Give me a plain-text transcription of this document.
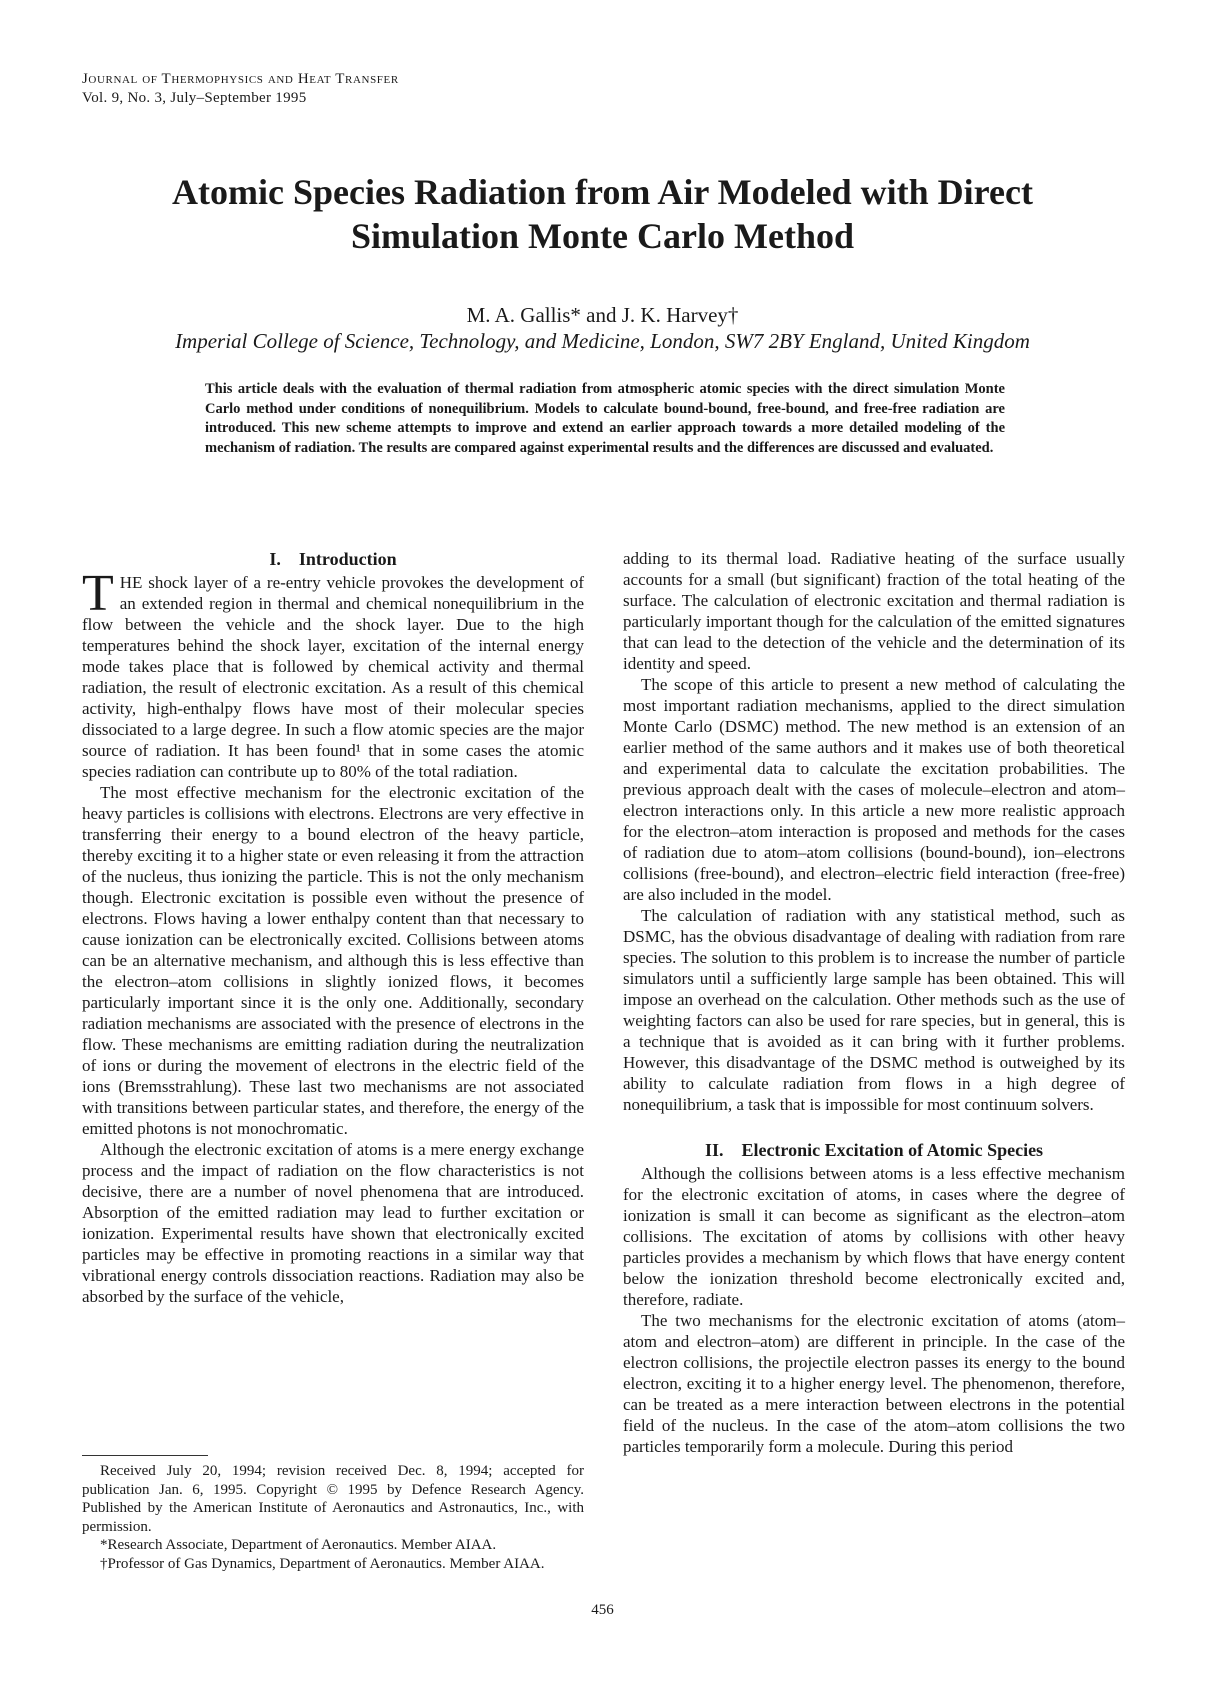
Journal of Thermophysics and Heat Transfer
Vol. 9, No. 3, July–September 1995
Atomic Species Radiation from Air Modeled with Direct Simulation Monte Carlo Method
M. A. Gallis* and J. K. Harvey†
Imperial College of Science, Technology, and Medicine, London, SW7 2BY England, United Kingdom
This article deals with the evaluation of thermal radiation from atmospheric atomic species with the direct simulation Monte Carlo method under conditions of nonequilibrium. Models to calculate bound-bound, free-bound, and free-free radiation are introduced. This new scheme attempts to improve and extend an earlier approach towards a more detailed modeling of the mechanism of radiation. The results are compared against experimental results and the differences are discussed and evaluated.
I. Introduction

THE shock layer of a re-entry vehicle provokes the development of an extended region in thermal and chemical nonequilibrium in the flow between the vehicle and the shock layer. Due to the high temperatures behind the shock layer, excitation of the internal energy mode takes place that is followed by chemical activity and thermal radiation, the result of electronic excitation. As a result of this chemical activity, high-enthalpy flows have most of their molecular species dissociated to a large degree. In such a flow atomic species are the major source of radiation. It has been found¹ that in some cases the atomic species radiation can contribute up to 80% of the total radiation.

The most effective mechanism for the electronic excitation of the heavy particles is collisions with electrons. Electrons are very effective in transferring their energy to a bound electron of the heavy particle, thereby exciting it to a higher state or even releasing it from the attraction of the nucleus, thus ionizing the particle. This is not the only mechanism though. Electronic excitation is possible even without the presence of electrons. Flows having a lower enthalpy content than that necessary to cause ionization can be electronically excited. Collisions between atoms can be an alternative mechanism, and although this is less effective than the electron–atom collisions in slightly ionized flows, it becomes particularly important since it is the only one. Additionally, secondary radiation mechanisms are associated with the presence of electrons in the flow. These mechanisms are emitting radiation during the neutralization of ions or during the movement of electrons in the electric field of the ions (Bremsstrahlung). These last two mechanisms are not associated with transitions between particular states, and therefore, the energy of the emitted photons is not monochromatic.

Although the electronic excitation of atoms is a mere energy exchange process and the impact of radiation on the flow characteristics is not decisive, there are a number of novel phenomena that are introduced. Absorption of the emitted radiation may lead to further excitation or ionization. Experimental results have shown that electronically excited particles may be effective in promoting reactions in a similar way that vibrational energy controls dissociation reactions. Radiation may also be absorbed by the surface of the vehicle,

adding to its thermal load. Radiative heating of the surface usually accounts for a small (but significant) fraction of the total heating of the surface. The calculation of electronic excitation and thermal radiation is particularly important though for the calculation of the emitted signatures that can lead to the detection of the vehicle and the determination of its identity and speed.

The scope of this article to present a new method of calculating the most important radiation mechanisms, applied to the direct simulation Monte Carlo (DSMC) method. The new method is an extension of an earlier method of the same authors and it makes use of both theoretical and experimental data to calculate the excitation probabilities. The previous approach dealt with the cases of molecule–electron and atom–electron interactions only. In this article a new more realistic approach for the electron–atom interaction is proposed and methods for the cases of radiation due to atom–atom collisions (bound-bound), ion–electrons collisions (free-bound), and electron–electric field interaction (free-free) are also included in the model.

The calculation of radiation with any statistical method, such as DSMC, has the obvious disadvantage of dealing with radiation from rare species. The solution to this problem is to increase the number of particle simulators until a sufficiently large sample has been obtained. This will impose an overhead on the calculation. Other methods such as the use of weighting factors can also be used for rare species, but in general, this is a technique that is avoided as it can bring with it further problems. However, this disadvantage of the DSMC method is outweighed by its ability to calculate radiation from flows in a high degree of nonequilibrium, a task that is impossible for most continuum solvers.

II. Electronic Excitation of Atomic Species

Although the collisions between atoms is a less effective mechanism for the electronic excitation of atoms, in cases where the degree of ionization is small it can become as significant as the electron–atom collisions. The excitation of atoms by collisions with other heavy particles provides a mechanism by which flows that have energy content below the ionization threshold become electronically excited and, therefore, radiate.

The two mechanisms for the electronic excitation of atoms (atom–atom and electron–atom) are different in principle. In the case of the electron collisions, the projectile electron passes its energy to the bound electron, exciting it to a higher energy level. The phenomenon, therefore, can be treated as a mere interaction between electrons in the potential field of the nucleus. In the case of the atom–atom collisions the two particles temporarily form a molecule. During this period

Received July 20, 1994; revision received Dec. 8, 1994; accepted for publication Jan. 6, 1995. Copyright © 1995 by Defence Research Agency. Published by the American Institute of Aeronautics and Astronautics, Inc., with permission.

*Research Associate, Department of Aeronautics. Member AIAA.

†Professor of Gas Dynamics, Department of Aeronautics. Member AIAA.

456
